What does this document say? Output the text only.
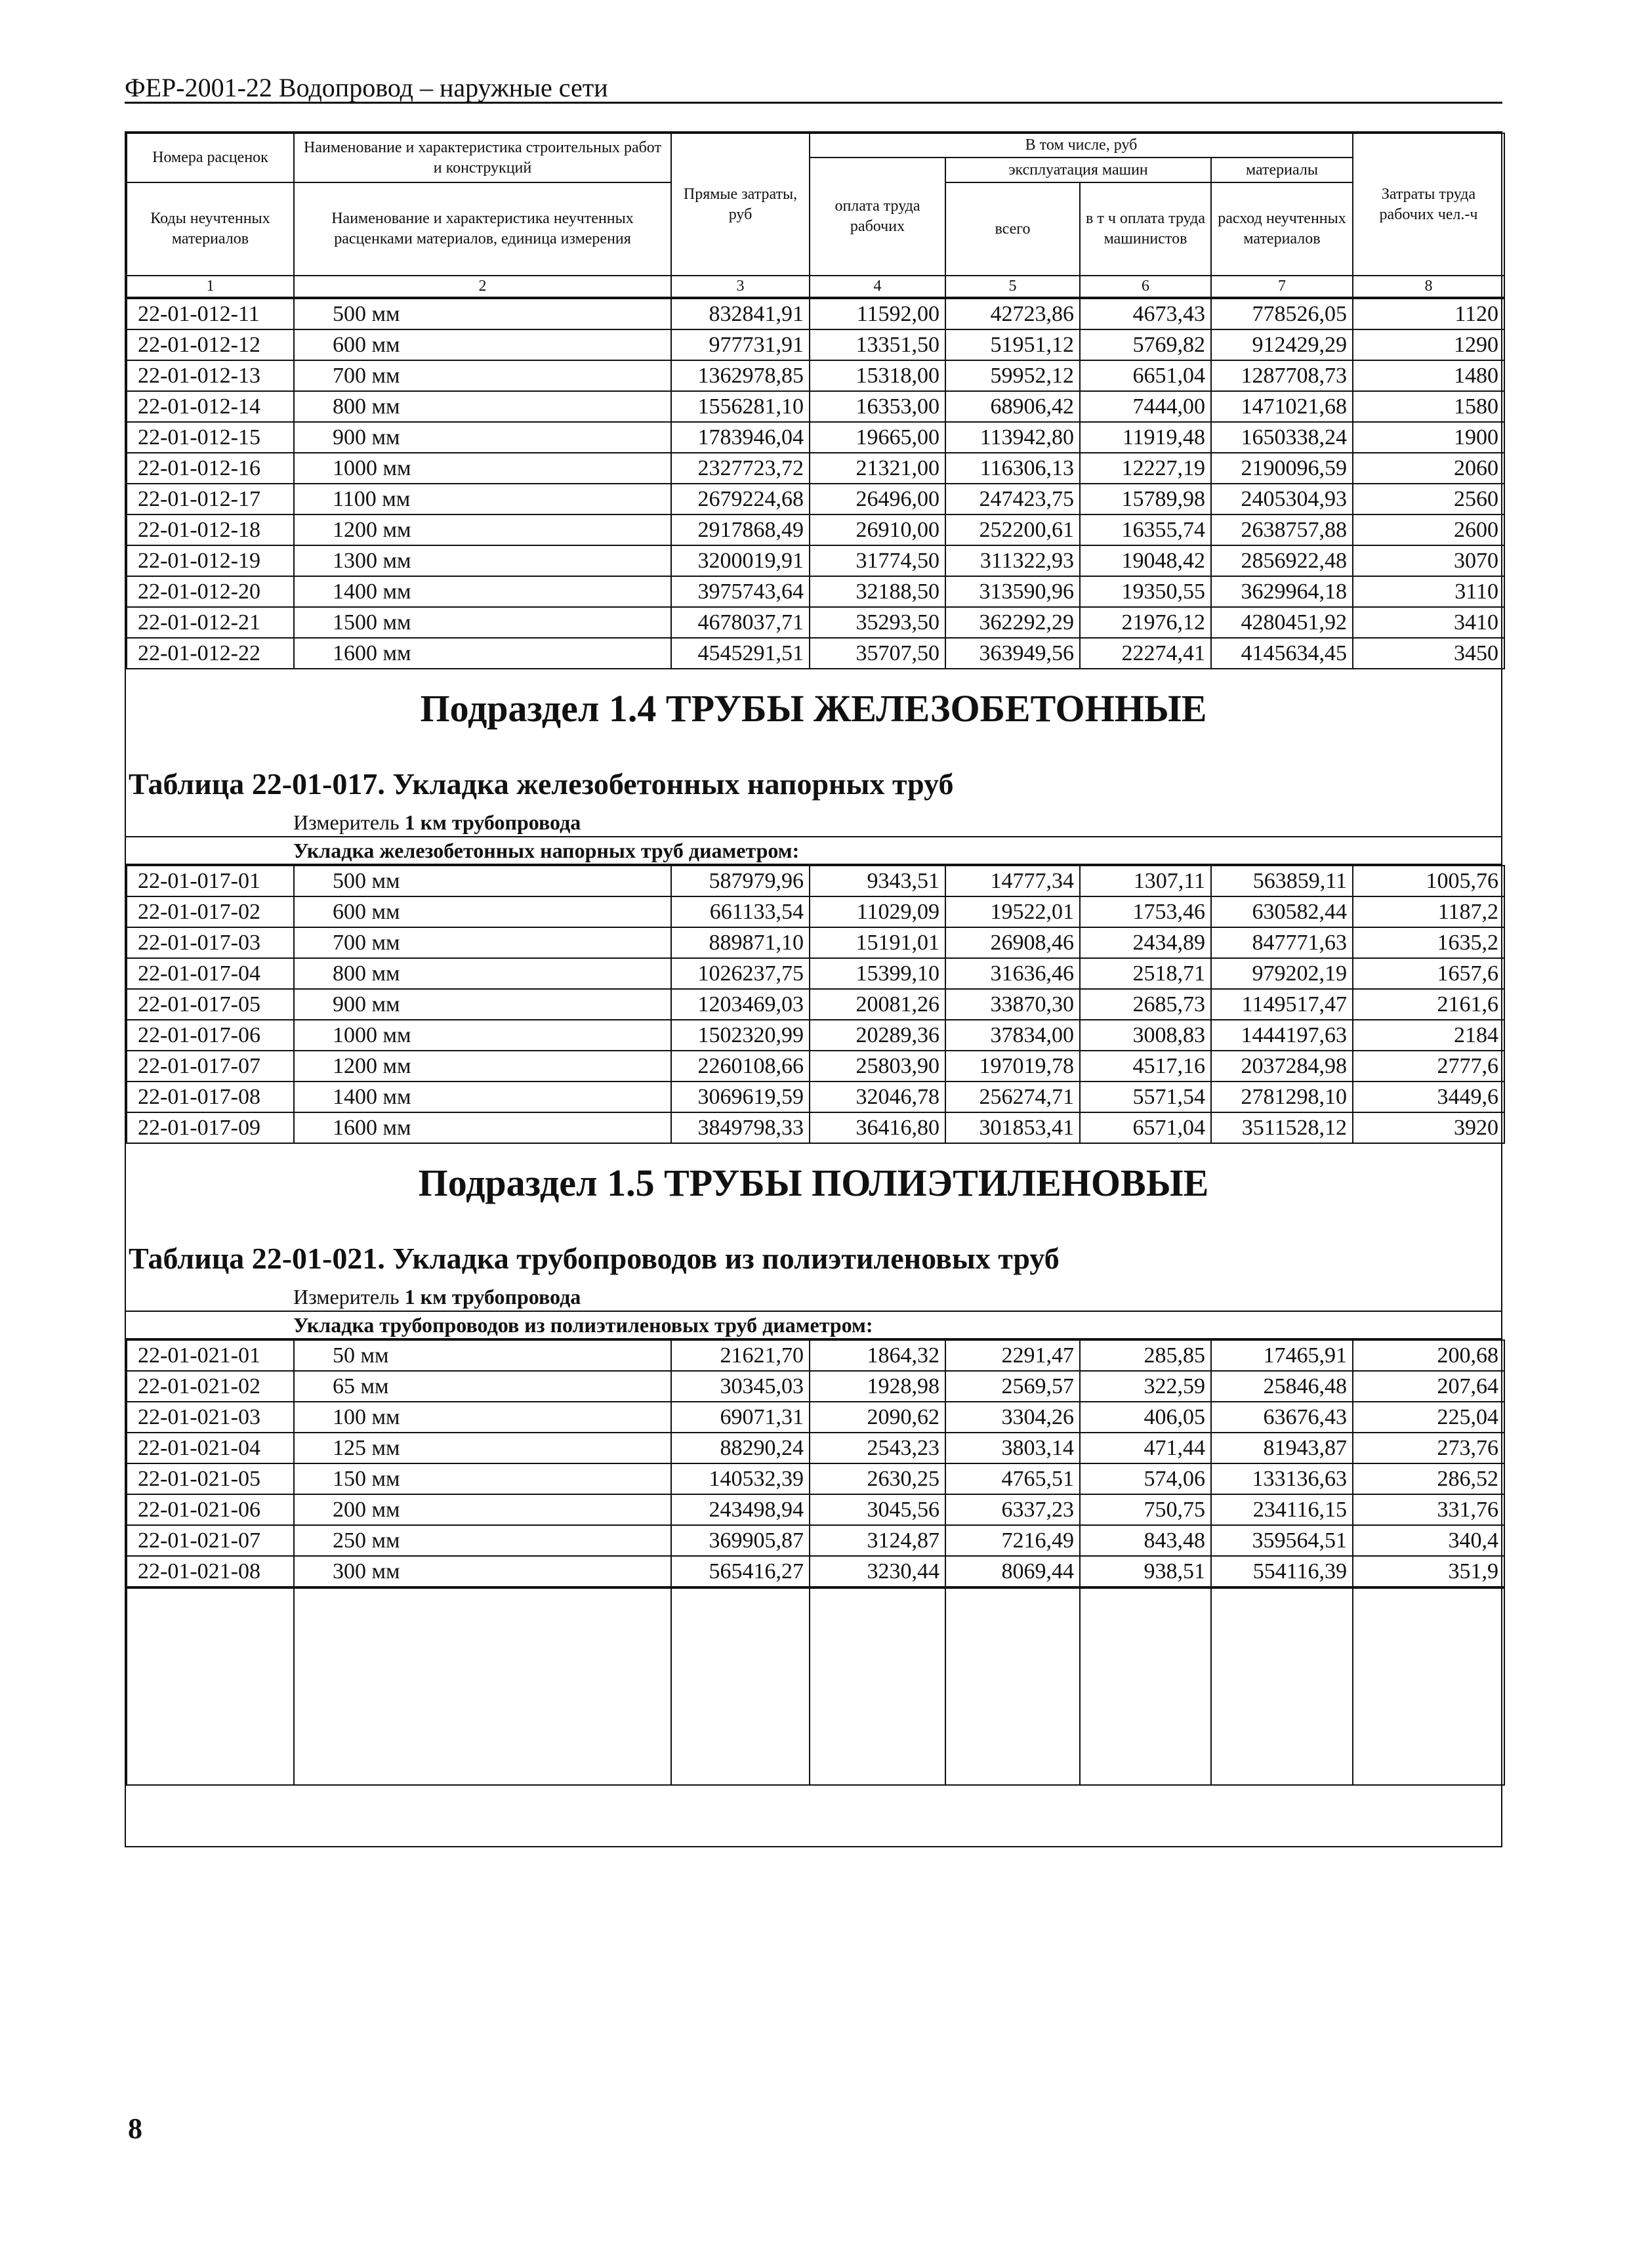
ФЕР-2001-22 Водопровод – наружные сети
Номера расценок	Наименование и характеристика строительных работ и конструкций	Прямые затраты, руб	В том числе, руб				Затраты труда рабочих чел.-ч
			оплата труда рабочих	эксплуатация машин		материалы	
Коды неучтенных материалов	Наименование и характеристика неучтенных расценками материалов, единица измерения			всего	в т ч оплата труда машинистов	расход неучтенных материалов	

1	2	3	4	5	6	7	8
22-01-012-11	500 мм	832841,91	11592,00	42723,86	4673,43	778526,05	1120
22-01-012-12	600 мм	977731,91	13351,50	51951,12	5769,82	912429,29	1290
22-01-012-13	700 мм	1362978,85	15318,00	59952,12	6651,04	1287708,73	1480
22-01-012-14	800 мм	1556281,10	16353,00	68906,42	7444,00	1471021,68	1580
22-01-012-15	900 мм	1783946,04	19665,00	113942,80	11919,48	1650338,24	1900
22-01-012-16	1000 мм	2327723,72	21321,00	116306,13	12227,19	2190096,59	2060
22-01-012-17	1100 мм	2679224,68	26496,00	247423,75	15789,98	2405304,93	2560
22-01-012-18	1200 мм	2917868,49	26910,00	252200,61	16355,74	2638757,88	2600
22-01-012-19	1300 мм	3200019,91	31774,50	311322,93	19048,42	2856922,48	3070
22-01-012-20	1400 мм	3975743,64	32188,50	313590,96	19350,55	3629964,18	3110
22-01-012-21	1500 мм	4678037,71	35293,50	362292,29	21976,12	4280451,92	3410
22-01-012-22	1600 мм	4545291,51	35707,50	363949,56	22274,41	4145634,45	3450
Подраздел 1.4 ТРУБЫ ЖЕЛЕЗОБЕТОННЫЕ
Таблица 22-01-017. Укладка железобетонных напорных труб
Измеритель 1 км трубопровода
Укладка железобетонных напорных труб диаметром:
22-01-017-01	500 мм	587979,96	9343,51	14777,34	1307,11	563859,11	1005,76
22-01-017-02	600 мм	661133,54	11029,09	19522,01	1753,46	630582,44	1187,2
22-01-017-03	700 мм	889871,10	15191,01	26908,46	2434,89	847771,63	1635,2
22-01-017-04	800 мм	1026237,75	15399,10	31636,46	2518,71	979202,19	1657,6
22-01-017-05	900 мм	1203469,03	20081,26	33870,30	2685,73	1149517,47	2161,6
22-01-017-06	1000 мм	1502320,99	20289,36	37834,00	3008,83	1444197,63	2184
22-01-017-07	1200 мм	2260108,66	25803,90	197019,78	4517,16	2037284,98	2777,6
22-01-017-08	1400 мм	3069619,59	32046,78	256274,71	5571,54	2781298,10	3449,6
22-01-017-09	1600 мм	3849798,33	36416,80	301853,41	6571,04	3511528,12	3920
Подраздел 1.5 ТРУБЫ ПОЛИЭТИЛЕНОВЫЕ
Таблица 22-01-021. Укладка трубопроводов из полиэтиленовых труб
Измеритель 1 км трубопровода
Укладка трубопроводов из полиэтиленовых труб диаметром:
22-01-021-01	50 мм	21621,70	1864,32	2291,47	285,85	17465,91	200,68
22-01-021-02	65 мм	30345,03	1928,98	2569,57	322,59	25846,48	207,64
22-01-021-03	100 мм	69071,31	2090,62	3304,26	406,05	63676,43	225,04
22-01-021-04	125 мм	88290,24	2543,23	3803,14	471,44	81943,87	273,76
22-01-021-05	150 мм	140532,39	2630,25	4765,51	574,06	133136,63	286,52
22-01-021-06	200 мм	243498,94	3045,56	6337,23	750,75	234116,15	331,76
22-01-021-07	250 мм	369905,87	3124,87	7216,49	843,48	359564,51	340,4
22-01-021-08	300 мм	565416,27	3230,44	8069,44	938,51	554116,39	351,9

8
